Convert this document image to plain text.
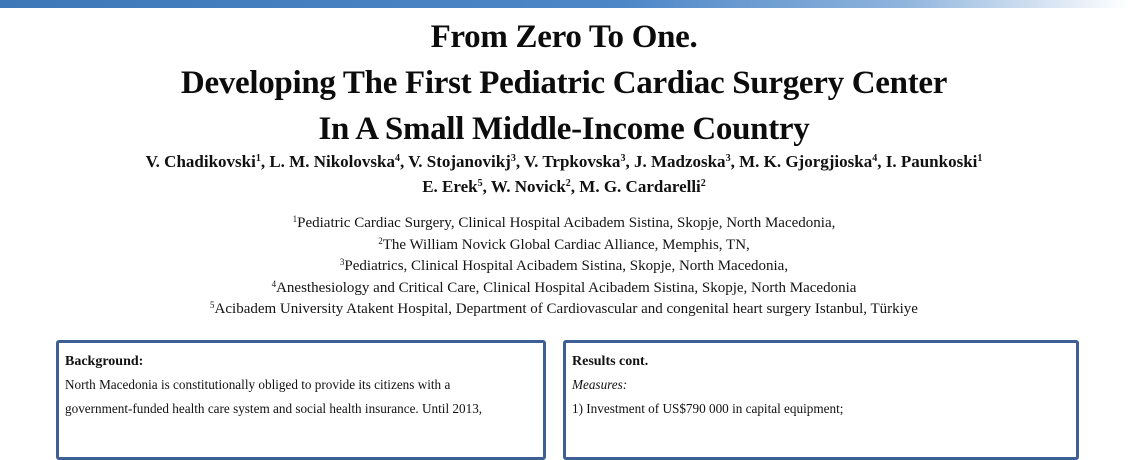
From Zero To One.
Developing The First Pediatric Cardiac Surgery Center
In A Small Middle-Income Country
V. Chadikovski$^1$, L. M. Nikolovska$^4$, V. Stojanovikj$^3$, V. Trpkovska$^3$, J. Madzoska$^3$, M. K. Gjorgjioska$^4$, I. Paunkoski$^1$
E. Erek$^5$, W. Novick$^2$, M. G. Cardarelli$^2$
$^1$Pediatric Cardiac Surgery, Clinical Hospital Acibadem Sistina, Skopje, North Macedonia,
$^2$The William Novick Global Cardiac Alliance, Memphis, TN,
$^3$Pediatrics, Clinical Hospital Acibadem Sistina, Skopje, North Macedonia,
$^4$Anesthesiology and Critical Care, Clinical Hospital Acibadem Sistina, Skopje, North Macedonia
$^5$Acibadem University Atakent Hospital, Department of Cardiovascular and congenital heart surgery Istanbul, Türkiye
Background:
North Macedonia is constitutionally obliged to provide its citizens with a
government-funded health care system and social health insurance. Until 2013,
Results cont.
Measures:
1) Investment of US$790 000 in capital equipment;
